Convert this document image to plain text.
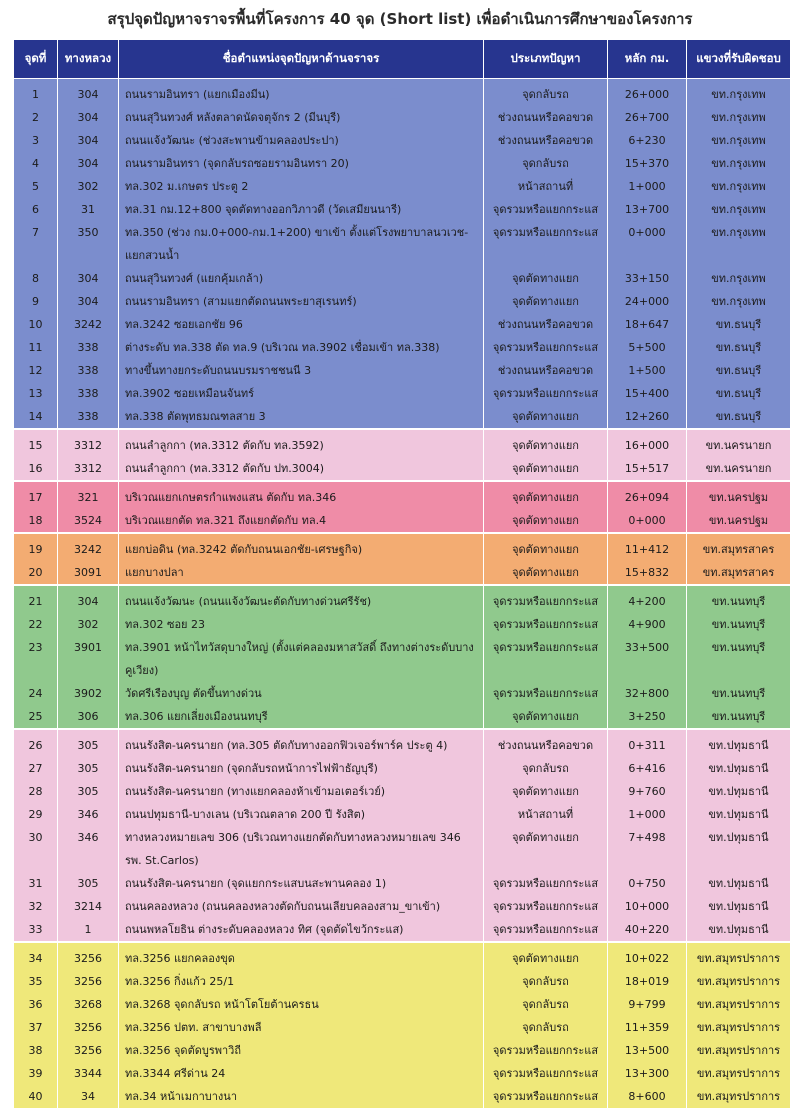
สรุปจุดปัญหาจราจรพื้นที่โครงการ 40 จุด (Short list) เพื่อดำเนินการศึกษาของโครงการ
จุดที่	ทางหลวง	ชื่อตำแหน่งจุดปัญหาด้านจราจร	ประเภทปัญหา	หลัก กม.	แขวงที่รับผิดชอบ
1	304	ถนนรามอินทรา (แยกเมืองมีน)	จุดกลับรถ	26+000	ขท.กรุงเทพ
2	304	ถนนสุวินทวงศ์ หลังตลาดนัดจตุจักร 2 (มีนบุรี)	ช่วงถนนหรือคอขวด	26+700	ขท.กรุงเทพ
3	304	ถนนแจ้งวัฒนะ (ช่วงสะพานข้ามคลองประปา)	ช่วงถนนหรือคอขวด	6+230	ขท.กรุงเทพ
4	304	ถนนรามอินทรา (จุดกลับรถซอยรามอินทรา 20)	จุดกลับรถ	15+370	ขท.กรุงเทพ
5	302	ทล.302 ม.เกษตร ประตู 2	หน้าสถานที่	1+000	ขท.กรุงเทพ
6	31	ทล.31 กม.12+800 จุดตัดทางออกวิภาวดี (วัดเสมียนนารี)	จุดรวมหรือแยกกระแส	13+700	ขท.กรุงเทพ
7	350	ทล.350 (ช่วง กม.0+000-กม.1+200) ขาเข้า ตั้งแต่โรงพยาบาลนวเวช-แยกสวนน้ำ	จุดรวมหรือแยกกระแส	0+000	ขท.กรุงเทพ
8	304	ถนนสุวินทวงศ์ (แยกคุ้มเกล้า)	จุดตัดทางแยก	33+150	ขท.กรุงเทพ
9	304	ถนนรามอินทรา (สามแยกตัดถนนพระยาสุเรนทร์)	จุดตัดทางแยก	24+000	ขท.กรุงเทพ
10	3242	ทล.3242 ซอยเอกชัย 96	ช่วงถนนหรือคอขวด	18+647	ขท.ธนบุรี
11	338	ต่างระดับ ทล.338 ตัด ทล.9 (บริเวณ ทล.3902 เชื่อมเข้า ทล.338)	จุดรวมหรือแยกกระแส	5+500	ขท.ธนบุรี
12	338	ทางขึ้นทางยกระดับถนนบรมราชชนนี 3	ช่วงถนนหรือคอขวด	1+500	ขท.ธนบุรี
13	338	ทล.3902 ซอยเหมือนจันทร์	จุดรวมหรือแยกกระแส	15+400	ขท.ธนบุรี
14	338	ทล.338 ตัดพุทธมณฑลสาย 3	จุดตัดทางแยก	12+260	ขท.ธนบุรี
15	3312	ถนนลำลูกกา (ทล.3312 ตัดกับ ทล.3592)	จุดตัดทางแยก	16+000	ขท.นครนายก
16	3312	ถนนลำลูกกา (ทล.3312 ตัดกับ ปท.3004)	จุดตัดทางแยก	15+517	ขท.นครนายก
17	321	บริเวณแยกเกษตรกำแพงแสน ตัดกับ ทล.346	จุดตัดทางแยก	26+094	ขท.นครปฐม
18	3524	บริเวณแยกตัด ทล.321 ถึงแยกตัดกับ ทล.4	จุดตัดทางแยก	0+000	ขท.นครปฐม
19	3242	แยกบ่อดิน (ทล.3242 ตัดกับถนนเอกชัย-เศรษฐกิจ)	จุดตัดทางแยก	11+412	ขท.สมุทรสาคร
20	3091	แยกบางปลา	จุดตัดทางแยก	15+832	ขท.สมุทรสาคร
21	304	ถนนแจ้งวัฒนะ (ถนนแจ้งวัฒนะตัดกับทางด่วนศรีรัช)	จุดรวมหรือแยกกระแส	4+200	ขท.นนทบุรี
22	302	ทล.302 ซอย 23	จุดรวมหรือแยกกระแส	4+900	ขท.นนทบุรี
23	3901	ทล.3901 หน้าไทวัสดุบางใหญ่ (ตั้งแต่คลองมหาสวัสดิ์ ถึงทางต่างระดับบางคูเวียง)	จุดรวมหรือแยกกระแส	33+500	ขท.นนทบุรี
24	3902	วัดศรีเรืองบุญ ตัดขึ้นทางด่วน	จุดรวมหรือแยกกระแส	32+800	ขท.นนทบุรี
25	306	ทล.306 แยกเลี่ยงเมืองนนทบุรี	จุดตัดทางแยก	3+250	ขท.นนทบุรี
26	305	ถนนรังสิต-นครนายก (ทล.305 ตัดกับทางออกฟิวเจอร์พาร์ค ประตู 4)	ช่วงถนนหรือคอขวด	0+311	ขท.ปทุมธานี
27	305	ถนนรังสิต-นครนายก (จุดกลับรถหน้าการไฟฟ้าธัญบุรี)	จุดกลับรถ	6+416	ขท.ปทุมธานี
28	305	ถนนรังสิต-นครนายก (ทางแยกคลองห้าเข้ามอเตอร์เวย์)	จุดตัดทางแยก	9+760	ขท.ปทุมธานี
29	346	ถนนปทุมธานี-บางเลน (บริเวณตลาด 200 ปี รังสิต)	หน้าสถานที่	1+000	ขท.ปทุมธานี
30	346	ทางหลวงหมายเลข 306 (บริเวณทางแยกตัดกับทางหลวงหมายเลข 346 รพ. St.Carlos)	จุดตัดทางแยก	7+498	ขท.ปทุมธานี
31	305	ถนนรังสิต-นครนายก (จุดแยกกระแสบนสะพานคลอง 1)	จุดรวมหรือแยกกระแส	0+750	ขท.ปทุมธานี
32	3214	ถนนคลองหลวง (ถนนคลองหลวงตัดกับถนนเลียบคลองสาม_ขาเข้า)	จุดรวมหรือแยกกระแส	10+000	ขท.ปทุมธานี
33	1	ถนนพหลโยธิน ต่างระดับคลองหลวง ทิศ (จุดตัดไขว้กระแส)	จุดรวมหรือแยกกระแส	40+220	ขท.ปทุมธานี
34	3256	ทล.3256 แยกคลองขุด	จุดตัดทางแยก	10+022	ขท.สมุทรปราการ
35	3256	ทล.3256 กิ่งแก้ว 25/1	จุดกลับรถ	18+019	ขท.สมุทรปราการ
36	3268	ทล.3268 จุดกลับรถ หน้าโตโยต้านครธน	จุดกลับรถ	9+799	ขท.สมุทรปราการ
37	3256	ทล.3256 ปตท. สาขาบางพลี	จุดกลับรถ	11+359	ขท.สมุทรปราการ
38	3256	ทล.3256 จุดตัดบูรพาวิถี	จุดรวมหรือแยกกระแส	13+500	ขท.สมุทรปราการ
39	3344	ทล.3344 ศรีด่าน 24	จุดรวมหรือแยกกระแส	13+300	ขท.สมุทรปราการ
40	34	ทล.34 หน้าเมกาบางนา	จุดรวมหรือแยกกระแส	8+600	ขท.สมุทรปราการ
